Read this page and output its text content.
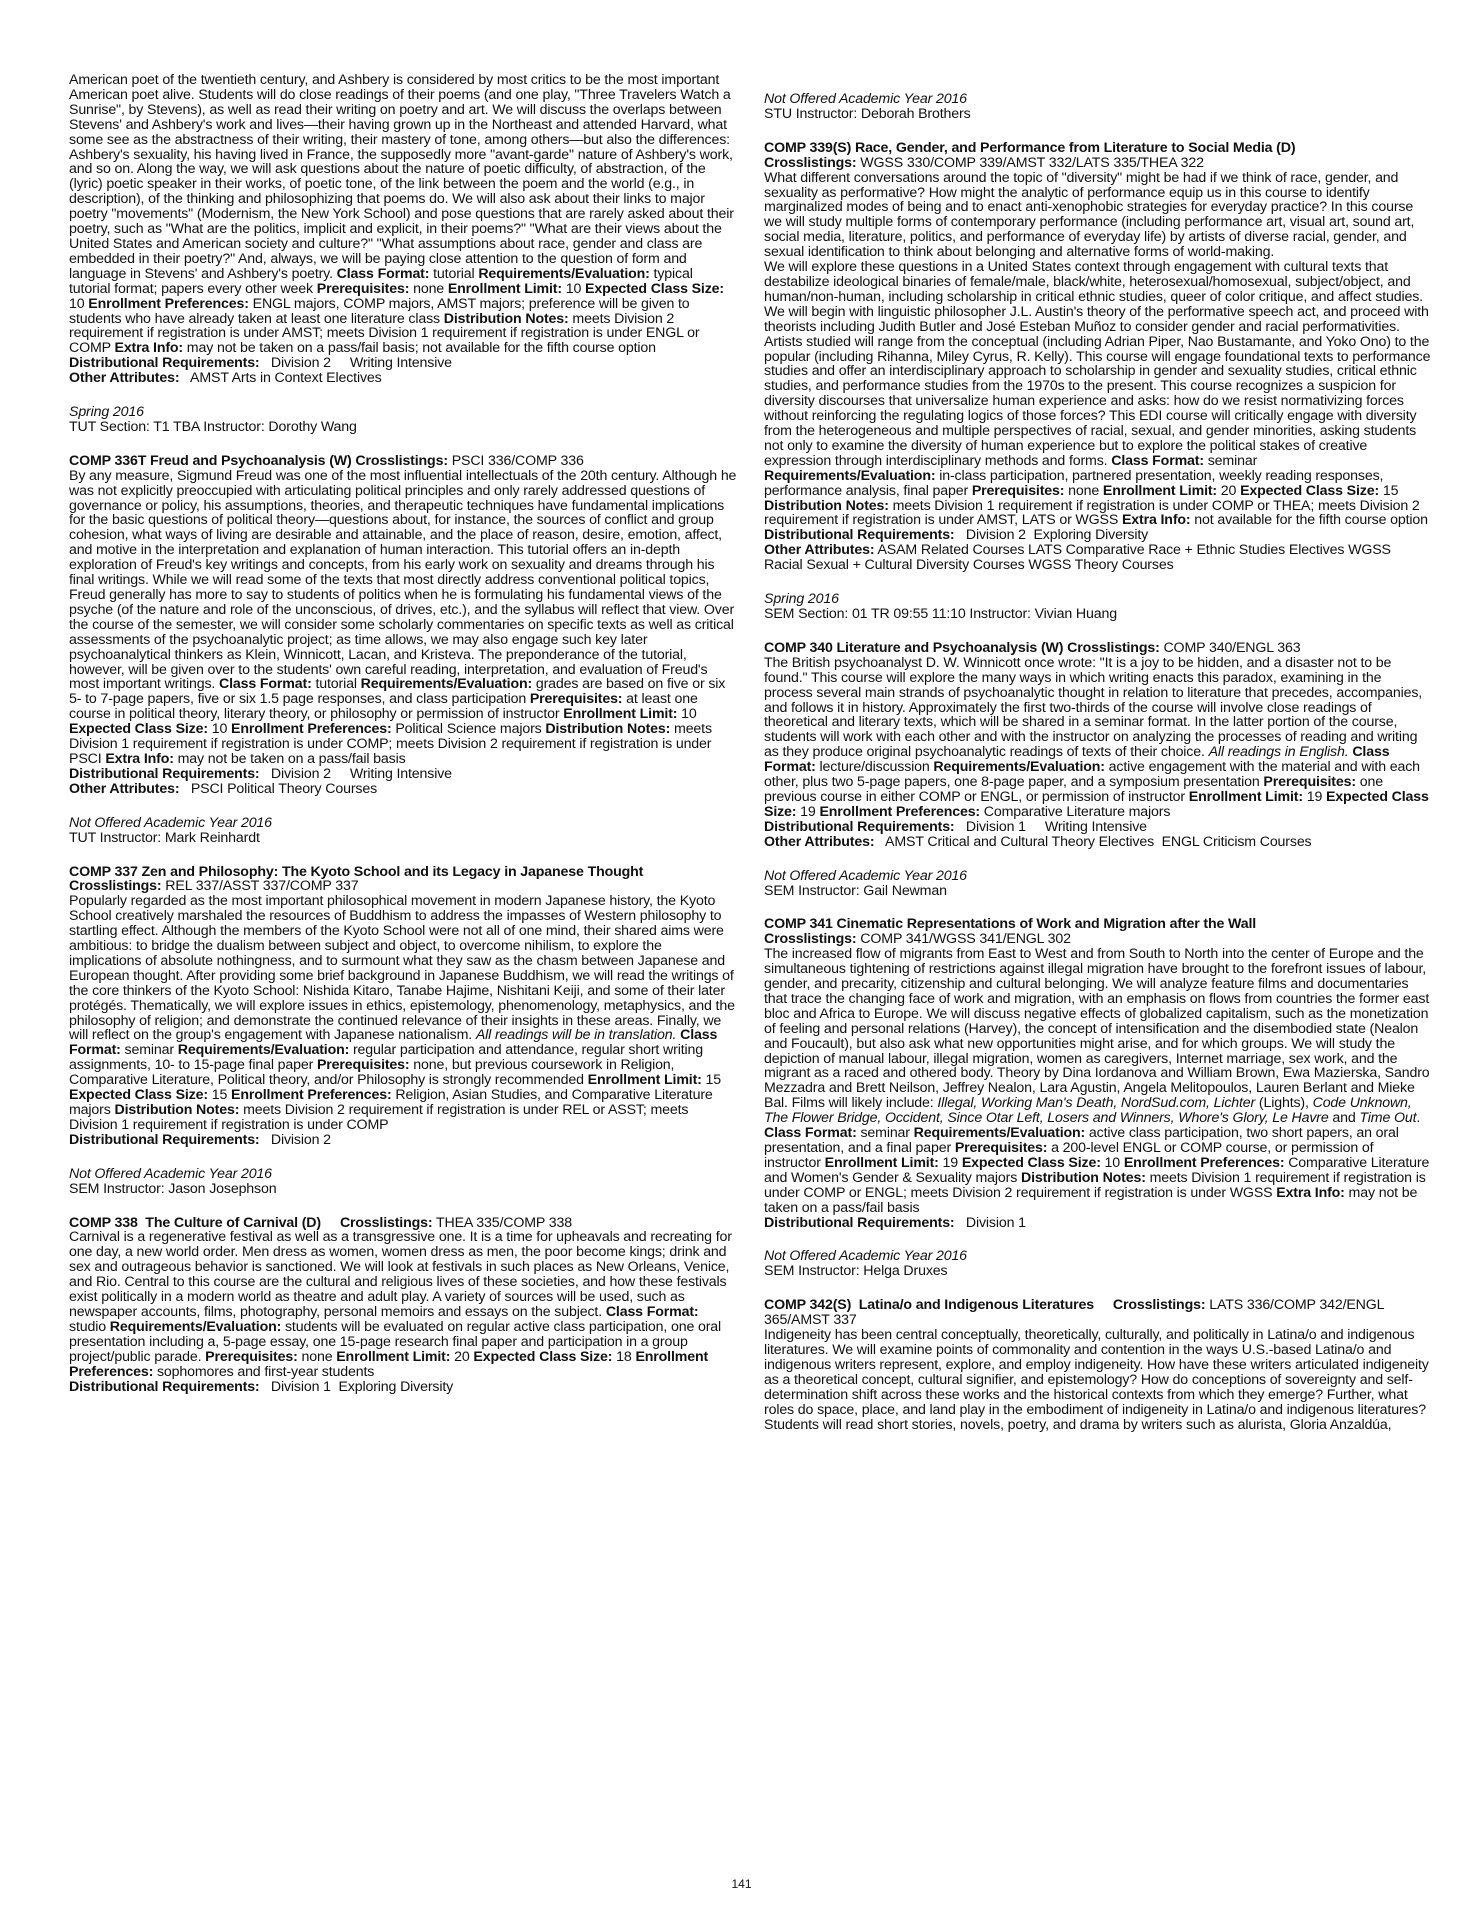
American poet of the twentieth century, and Ashbery is considered by most critics to be the most important American poet alive. Students will do close readings of their poems (and one play, "Three Travelers Watch a Sunrise", by Stevens), as well as read their writing on poetry and art. We will discuss the overlaps between Stevens' and Ashbery's work and lives—their having grown up in the Northeast and attended Harvard, what some see as the abstractness of their writing, their mastery of tone, among others—but also the differences: Ashbery's sexuality, his having lived in France, the supposedly more "avant-garde" nature of Ashbery's work, and so on. Along the way, we will ask questions about the nature of poetic difficulty, of abstraction, of the (lyric) poetic speaker in their works, of poetic tone, of the link between the poem and the world (e.g., in description), of the thinking and philosophizing that poems do. We will also ask about their links to major poetry "movements" (Modernism, the New York School) and pose questions that are rarely asked about their poetry, such as "What are the politics, implicit and explicit, in their poems?" "What are their views about the United States and American society and culture?" "What assumptions about race, gender and class are embedded in their poetry?" And, always, we will be paying close attention to the question of form and language in Stevens' and Ashbery's poetry. Class Format: tutorial Requirements/Evaluation: typical tutorial format; papers every other week Prerequisites: none Enrollment Limit: 10 Expected Class Size: 10 Enrollment Preferences: ENGL majors, COMP majors, AMST majors; preference will be given to students who have already taken at least one literature class Distribution Notes: meets Division 2 requirement if registration is under AMST; meets Division 1 requirement if registration is under ENGL or COMP Extra Info: may not be taken on a pass/fail basis; not available for the fifth course option

Distributional Requirements:   Division 2     Writing Intensive

Other Attributes:   AMST Arts in Context Electives

Spring 2016
TUT Section: T1 TBA Instructor: Dorothy Wang

COMP 336T Freud and Psychoanalysis (W) Crosslistings: PSCI 336/COMP 336
By any measure, Sigmund Freud was one of the most influential intellectuals of the 20th century. Although he was not explicitly preoccupied with articulating political principles and only rarely addressed questions of governance or policy, his assumptions, theories, and therapeutic techniques have fundamental implications for the basic questions of political theory—questions about, for instance, the sources of conflict and group cohesion, what ways of living are desirable and attainable, and the place of reason, desire, emotion, affect, and motive in the interpretation and explanation of human interaction. This tutorial offers an in-depth exploration of Freud's key writings and concepts, from his early work on sexuality and dreams through his final writings. While we will read some of the texts that most directly address conventional political topics, Freud generally has more to say to students of politics when he is formulating his fundamental views of the psyche (of the nature and role of the unconscious, of drives, etc.), and the syllabus will reflect that view. Over the course of the semester, we will consider some scholarly commentaries on specific texts as well as critical assessments of the psychoanalytic project; as time allows, we may also engage such key later psychoanalytical thinkers as Klein, Winnicott, Lacan, and Kristeva. The preponderance of the tutorial, however, will be given over to the students' own careful reading, interpretation, and evaluation of Freud's most important writings. Class Format: tutorial Requirements/Evaluation: grades are based on five or six 5- to 7-page papers, five or six 1.5 page responses, and class participation Prerequisites: at least one course in political theory, literary theory, or philosophy or permission of instructor Enrollment Limit: 10 Expected Class Size: 10 Enrollment Preferences: Political Science majors Distribution Notes: meets Division 1 requirement if registration is under COMP; meets Division 2 requirement if registration is under PSCI Extra Info: may not be taken on a pass/fail basis

Distributional Requirements:   Division 2     Writing Intensive

Other Attributes:   PSCI Political Theory Courses

Not Offered Academic Year 2016
TUT Instructor: Mark Reinhardt

COMP 337 Zen and Philosophy: The Kyoto School and its Legacy in Japanese Thought
Crosslistings: REL 337/ASST 337/COMP 337
Popularly regarded as the most important philosophical movement in modern Japanese history, the Kyoto School creatively marshaled the resources of Buddhism to address the impasses of Western philosophy to startling effect. Although the members of the Kyoto School were not all of one mind, their shared aims were ambitious: to bridge the dualism between subject and object, to overcome nihilism, to explore the implications of absolute nothingness, and to surmount what they saw as the chasm between Japanese and European thought. After providing some brief background in Japanese Buddhism, we will read the writings of the core thinkers of the Kyoto School: Nishida Kitaro, Tanabe Hajime, Nishitani Keiji, and some of their later protégés. Thematically, we will explore issues in ethics, epistemology, phenomenology, metaphysics, and the philosophy of religion; and demonstrate the continued relevance of their insights in these areas. Finally, we will reflect on the group's engagement with Japanese nationalism. All readings will be in translation. Class Format: seminar Requirements/Evaluation: regular participation and attendance, regular short writing assignments, 10- to 15-page final paper Prerequisites: none, but previous coursework in Religion, Comparative Literature, Political theory, and/or Philosophy is strongly recommended Enrollment Limit: 15 Expected Class Size: 15 Enrollment Preferences: Religion, Asian Studies, and Comparative Literature majors Distribution Notes: meets Division 2 requirement if registration is under REL or ASST; meets Division 1 requirement if registration is under COMP

Distributional Requirements:   Division 2

Not Offered Academic Year 2016
SEM Instructor: Jason Josephson

COMP 338  The Culture of Carnival (D)     Crosslistings: THEA 335/COMP 338
Carnival is a regenerative festival as well as a transgressive one. It is a time for upheavals and recreating for one day, a new world order. Men dress as women, women dress as men, the poor become kings; drink and sex and outrageous behavior is sanctioned. We will look at festivals in such places as New Orleans, Venice, and Rio. Central to this course are the cultural and religious lives of these societies, and how these festivals exist politically in a modern world as theatre and adult play. A variety of sources will be used, such as newspaper accounts, films, photography, personal memoirs and essays on the subject. Class Format: studio Requirements/Evaluation: students will be evaluated on regular active class participation, one oral presentation including a, 5-page essay, one 15-page research final paper and participation in a group project/public parade. Prerequisites: none Enrollment Limit: 20 Expected Class Size: 18 Enrollment Preferences: sophomores and first-year students

Distributional Requirements:   Division 1  Exploring Diversity

Not Offered Academic Year 2016
STU Instructor: Deborah Brothers

COMP 339(S) Race, Gender, and Performance from Literature to Social Media (D)
Crosslistings: WGSS 330/COMP 339/AMST 332/LATS 335/THEA 322
What different conversations around the topic of "diversity" might be had if we think of race, gender, and sexuality as performative? How might the analytic of performance equip us in this course to identify marginalized modes of being and to enact anti-xenophobic strategies for everyday practice? In this course we will study multiple forms of contemporary performance (including performance art, visual art, sound art, social media, literature, politics, and performance of everyday life) by artists of diverse racial, gender, and sexual identification to think about belonging and alternative forms of world-making.
We will explore these questions in a United States context through engagement with cultural texts that destabilize ideological binaries of female/male, black/white, heterosexual/homosexual, subject/object, and human/non-human, including scholarship in critical ethnic studies, queer of color critique, and affect studies. We will begin with linguistic philosopher J.L. Austin's theory of the performative speech act, and proceed with theorists including Judith Butler and José Esteban Muñoz to consider gender and racial performativities. Artists studied will range from the conceptual (including Adrian Piper, Nao Bustamante, and Yoko Ono) to the popular (including Rihanna, Miley Cyrus, R. Kelly). This course will engage foundational texts to performance studies and offer an interdisciplinary approach to scholarship in gender and sexuality studies, critical ethnic studies, and performance studies from the 1970s to the present. This course recognizes a suspicion for diversity discourses that universalize human experience and asks: how do we resist normativizing forces without reinforcing the regulating logics of those forces? This EDI course will critically engage with diversity from the heterogeneous and multiple perspectives of racial, sexual, and gender minorities, asking students not only to examine the diversity of human experience but to explore the political stakes of creative expression through interdisciplinary methods and forms. Class Format: seminar Requirements/Evaluation: in-class participation, partnered presentation, weekly reading responses, performance analysis, final paper Prerequisites: none Enrollment Limit: 20 Expected Class Size: 15 Distribution Notes: meets Division 1 requirement if registration is under COMP or THEA; meets Division 2 requirement if registration is under AMST, LATS or WGSS Extra Info: not available for the fifth course option

Distributional Requirements:   Division 2  Exploring Diversity

Other Attributes: ASAM Related Courses LATS Comparative Race + Ethnic Studies Electives WGSS Racial Sexual + Cultural Diversity Courses WGSS Theory Courses

Spring 2016
SEM Section: 01 TR 09:55 11:10 Instructor: Vivian Huang

COMP 340 Literature and Psychoanalysis (W) Crosslistings: COMP 340/ENGL 363
The British psychoanalyst D. W. Winnicott once wrote: "It is a joy to be hidden, and a disaster not to be found." This course will explore the many ways in which writing enacts this paradox, examining in the process several main strands of psychoanalytic thought in relation to literature that precedes, accompanies, and follows it in history. Approximately the first two-thirds of the course will involve close readings of theoretical and literary texts, which will be shared in a seminar format. In the latter portion of the course, students will work with each other and with the instructor on analyzing the processes of reading and writing as they produce original psychoanalytic readings of texts of their choice. All readings in English. Class Format: lecture/discussion Requirements/Evaluation: active engagement with the material and with each other, plus two 5-page papers, one 8-page paper, and a symposium presentation Prerequisites: one previous course in either COMP or ENGL, or permission of instructor Enrollment Limit: 19 Expected Class Size: 19 Enrollment Preferences: Comparative Literature majors

Distributional Requirements:   Division 1     Writing Intensive

Other Attributes:   AMST Critical and Cultural Theory Electives  ENGL Criticism Courses

Not Offered Academic Year 2016
SEM Instructor: Gail Newman

COMP 341 Cinematic Representations of Work and Migration after the Wall
Crosslistings: COMP 341/WGSS 341/ENGL 302
The increased flow of migrants from East to West and from South to North into the center of Europe and the simultaneous tightening of restrictions against illegal migration have brought to the forefront issues of labour, gender, and precarity, citizenship and cultural belonging. We will analyze feature films and documentaries that trace the changing face of work and migration, with an emphasis on flows from countries the former east bloc and Africa to Europe. We will discuss negative effects of globalized capitalism, such as the monetization of feeling and personal relations (Harvey), the concept of intensification and the disembodied state (Nealon and Foucault), but also ask what new opportunities might arise, and for which groups. We will study the depiction of manual labour, illegal migration, women as caregivers, Internet marriage, sex work, and the migrant as a raced and othered body. Theory by Dina Iordanova and William Brown, Ewa Mazierska, Sandro Mezzadra and Brett Neilson, Jeffrey Nealon, Lara Agustin, Angela Melitopoulos, Lauren Berlant and Mieke Bal. Films will likely include: Illegal, Working Man's Death, NordSud.com, Lichter (Lights), Code Unknown, The Flower Bridge, Occident, Since Otar Left, Losers and Winners, Whore's Glory, Le Havre and Time Out. Class Format: seminar Requirements/Evaluation: active class participation, two short papers, an oral presentation, and a final paper Prerequisites: a 200-level ENGL or COMP course, or permission of instructor Enrollment Limit: 19 Expected Class Size: 10 Enrollment Preferences: Comparative Literature and Women's Gender & Sexuality majors Distribution Notes: meets Division 1 requirement if registration is under COMP or ENGL; meets Division 2 requirement if registration is under WGSS Extra Info: may not be taken on a pass/fail basis

Distributional Requirements:   Division 1

Not Offered Academic Year 2016
SEM Instructor: Helga Druxes

COMP 342(S)  Latina/o and Indigenous Literatures     Crosslistings: LATS 336/COMP 342/ENGL 365/AMST 337
Indigeneity has been central conceptually, theoretically, culturally, and politically in Latina/o and indigenous literatures. We will examine points of commonality and contention in the ways U.S.-based Latina/o and indigenous writers represent, explore, and employ indigeneity. How have these writers articulated indigeneity as a theoretical concept, cultural signifier, and epistemology? How do conceptions of sovereignty and self-determination shift across these works and the historical contexts from which they emerge? Further, what roles do space, place, and land play in the embodiment of indigeneity in Latina/o and indigenous literatures? Students will read short stories, novels, poetry, and drama by writers such as alurista, Gloria Anzaldúa,

141
